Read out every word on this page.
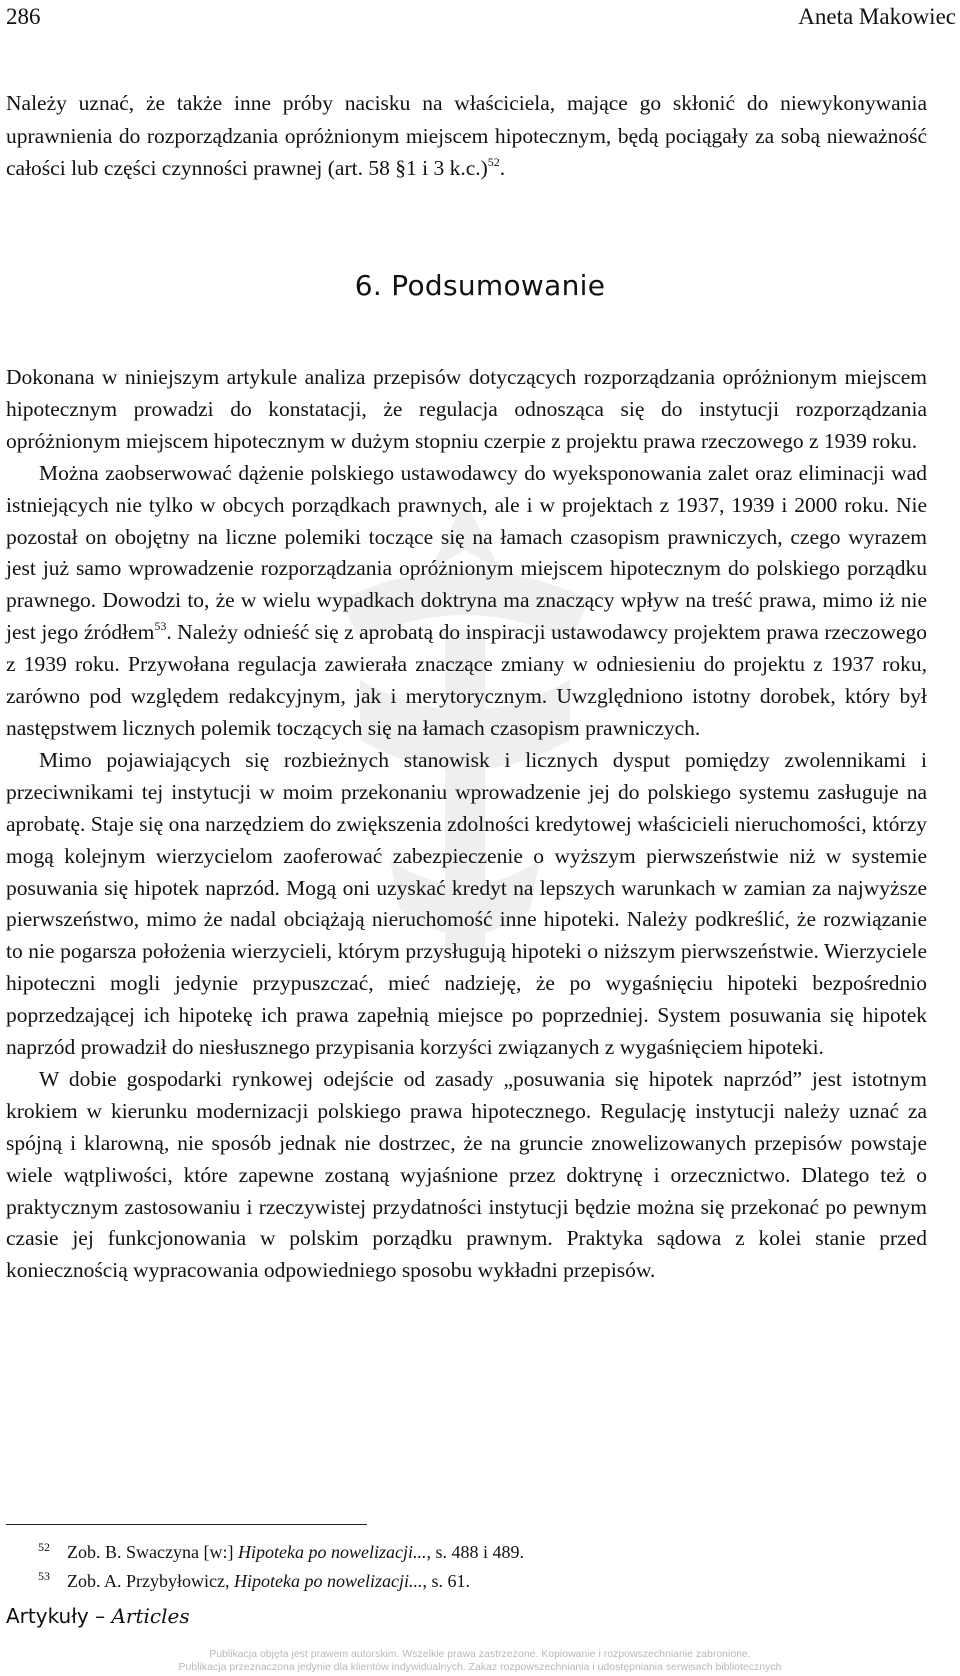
286	Aneta Makowiec

Należy uznać, że także inne próby nacisku na właściciela, mające go skłonić do niewykonywania uprawnienia do rozporządzania opróżnionym miejscem hipotecznym, będą pociągały za sobą nieważność całości lub części czynności prawnej (art. 58 §1 i 3 k.c.)$^{52}$.

6. Podsumowanie

Dokonana w niniejszym artykule analiza przepisów dotyczących rozporządzania opróżnionym miejscem hipotecznym prowadzi do konstatacji, że regulacja odnosząca się do instytucji rozporządzania opróżnionym miejscem hipotecznym w dużym stopniu czerpie z projektu prawa rzeczowego z 1939 roku.

Można zaobserwować dążenie polskiego ustawodawcy do wyeksponowania zalet oraz eliminacji wad istniejących nie tylko w obcych porządkach prawnych, ale i w projektach z 1937, 1939 i 2000 roku. Nie pozostał on obojętny na liczne polemiki toczące się na łamach czasopism prawniczych, czego wyrazem jest już samo wprowadzenie rozporządzania opróżnionym miejscem hipotecznym do polskiego porządku prawnego. Dowodzi to, że w wielu wypadkach doktryna ma znaczący wpływ na treść prawa, mimo iż nie jest jego źródłem$^{53}$. Należy odnieść się z aprobatą do inspiracji ustawodawcy projektem prawa rzeczowego z 1939 roku. Przywołana regulacja zawierała znaczące zmiany w odniesieniu do projektu z 1937 roku, zarówno pod względem redakcyjnym, jak i merytorycznym. Uwzględniono istotny dorobek, który był następstwem licznych polemik toczących się na łamach czasopism prawniczych.

Mimo pojawiających się rozbieżnych stanowisk i licznych dysput pomiędzy zwolennikami i przeciwnikami tej instytucji w moim przekonaniu wprowadzenie jej do polskiego systemu zasługuje na aprobatę. Staje się ona narzędziem do zwiększenia zdolności kredytowej właścicieli nieruchomości, którzy mogą kolejnym wierzycielom zaoferować zabezpieczenie o wyższym pierwszeństwie niż w systemie posuwania się hipotek naprzód. Mogą oni uzyskać kredyt na lepszych warunkach w zamian za najwyższe pierwszeństwo, mimo że nadal obciążają nieruchomość inne hipoteki. Należy podkreślić, że rozwiązanie to nie pogarsza położenia wierzycieli, którym przysługują hipoteki o niższym pierwszeństwie. Wierzyciele hipoteczni mogli jedynie przypuszczać, mieć nadzieję, że po wygaśnięciu hipoteki bezpośrednio poprzedzającej ich hipotekę ich prawa zapełnią miejsce po poprzedniej. System posuwania się hipotek naprzód prowadził do niesłusznego przypisania korzyści związanych z wygaśnięciem hipoteki.

W dobie gospodarki rynkowej odejście od zasady „posuwania się hipotek naprzód” jest istotnym krokiem w kierunku modernizacji polskiego prawa hipotecznego. Regulację instytucji należy uznać za spójną i klarowną, nie sposób jednak nie dostrzec, że na gruncie znowelizowanych przepisów powstaje wiele wątpliwości, które zapewne zostaną wyjaśnione przez doktrynę i orzecznictwo. Dlatego też o praktycznym zastosowaniu i rzeczywistej przydatności instytucji będzie można się przekonać po pewnym czasie jej funkcjonowania w polskim porządku prawnym. Praktyka sądowa z kolei stanie przed koniecznością wypracowania odpowiedniego sposobu wykładni przepisów.

52 Zob. B. Swaczyna [w:] Hipoteka po nowelizacji..., s. 488 i 489.
53 Zob. A. Przybyłowicz, Hipoteka po nowelizacji..., s. 61.
Artykuły – Articles
Publikacja objęta jest prawem autorskim. Wszelkie prawa zastrzeżone. Kopiowanie i rozpowszechnianie zabronione.
Publikacja przeznaczona jedynie dla klientów indywidualnych. Zakaz rozpowszechniania i udostępniania serwisach bibliotecznych
